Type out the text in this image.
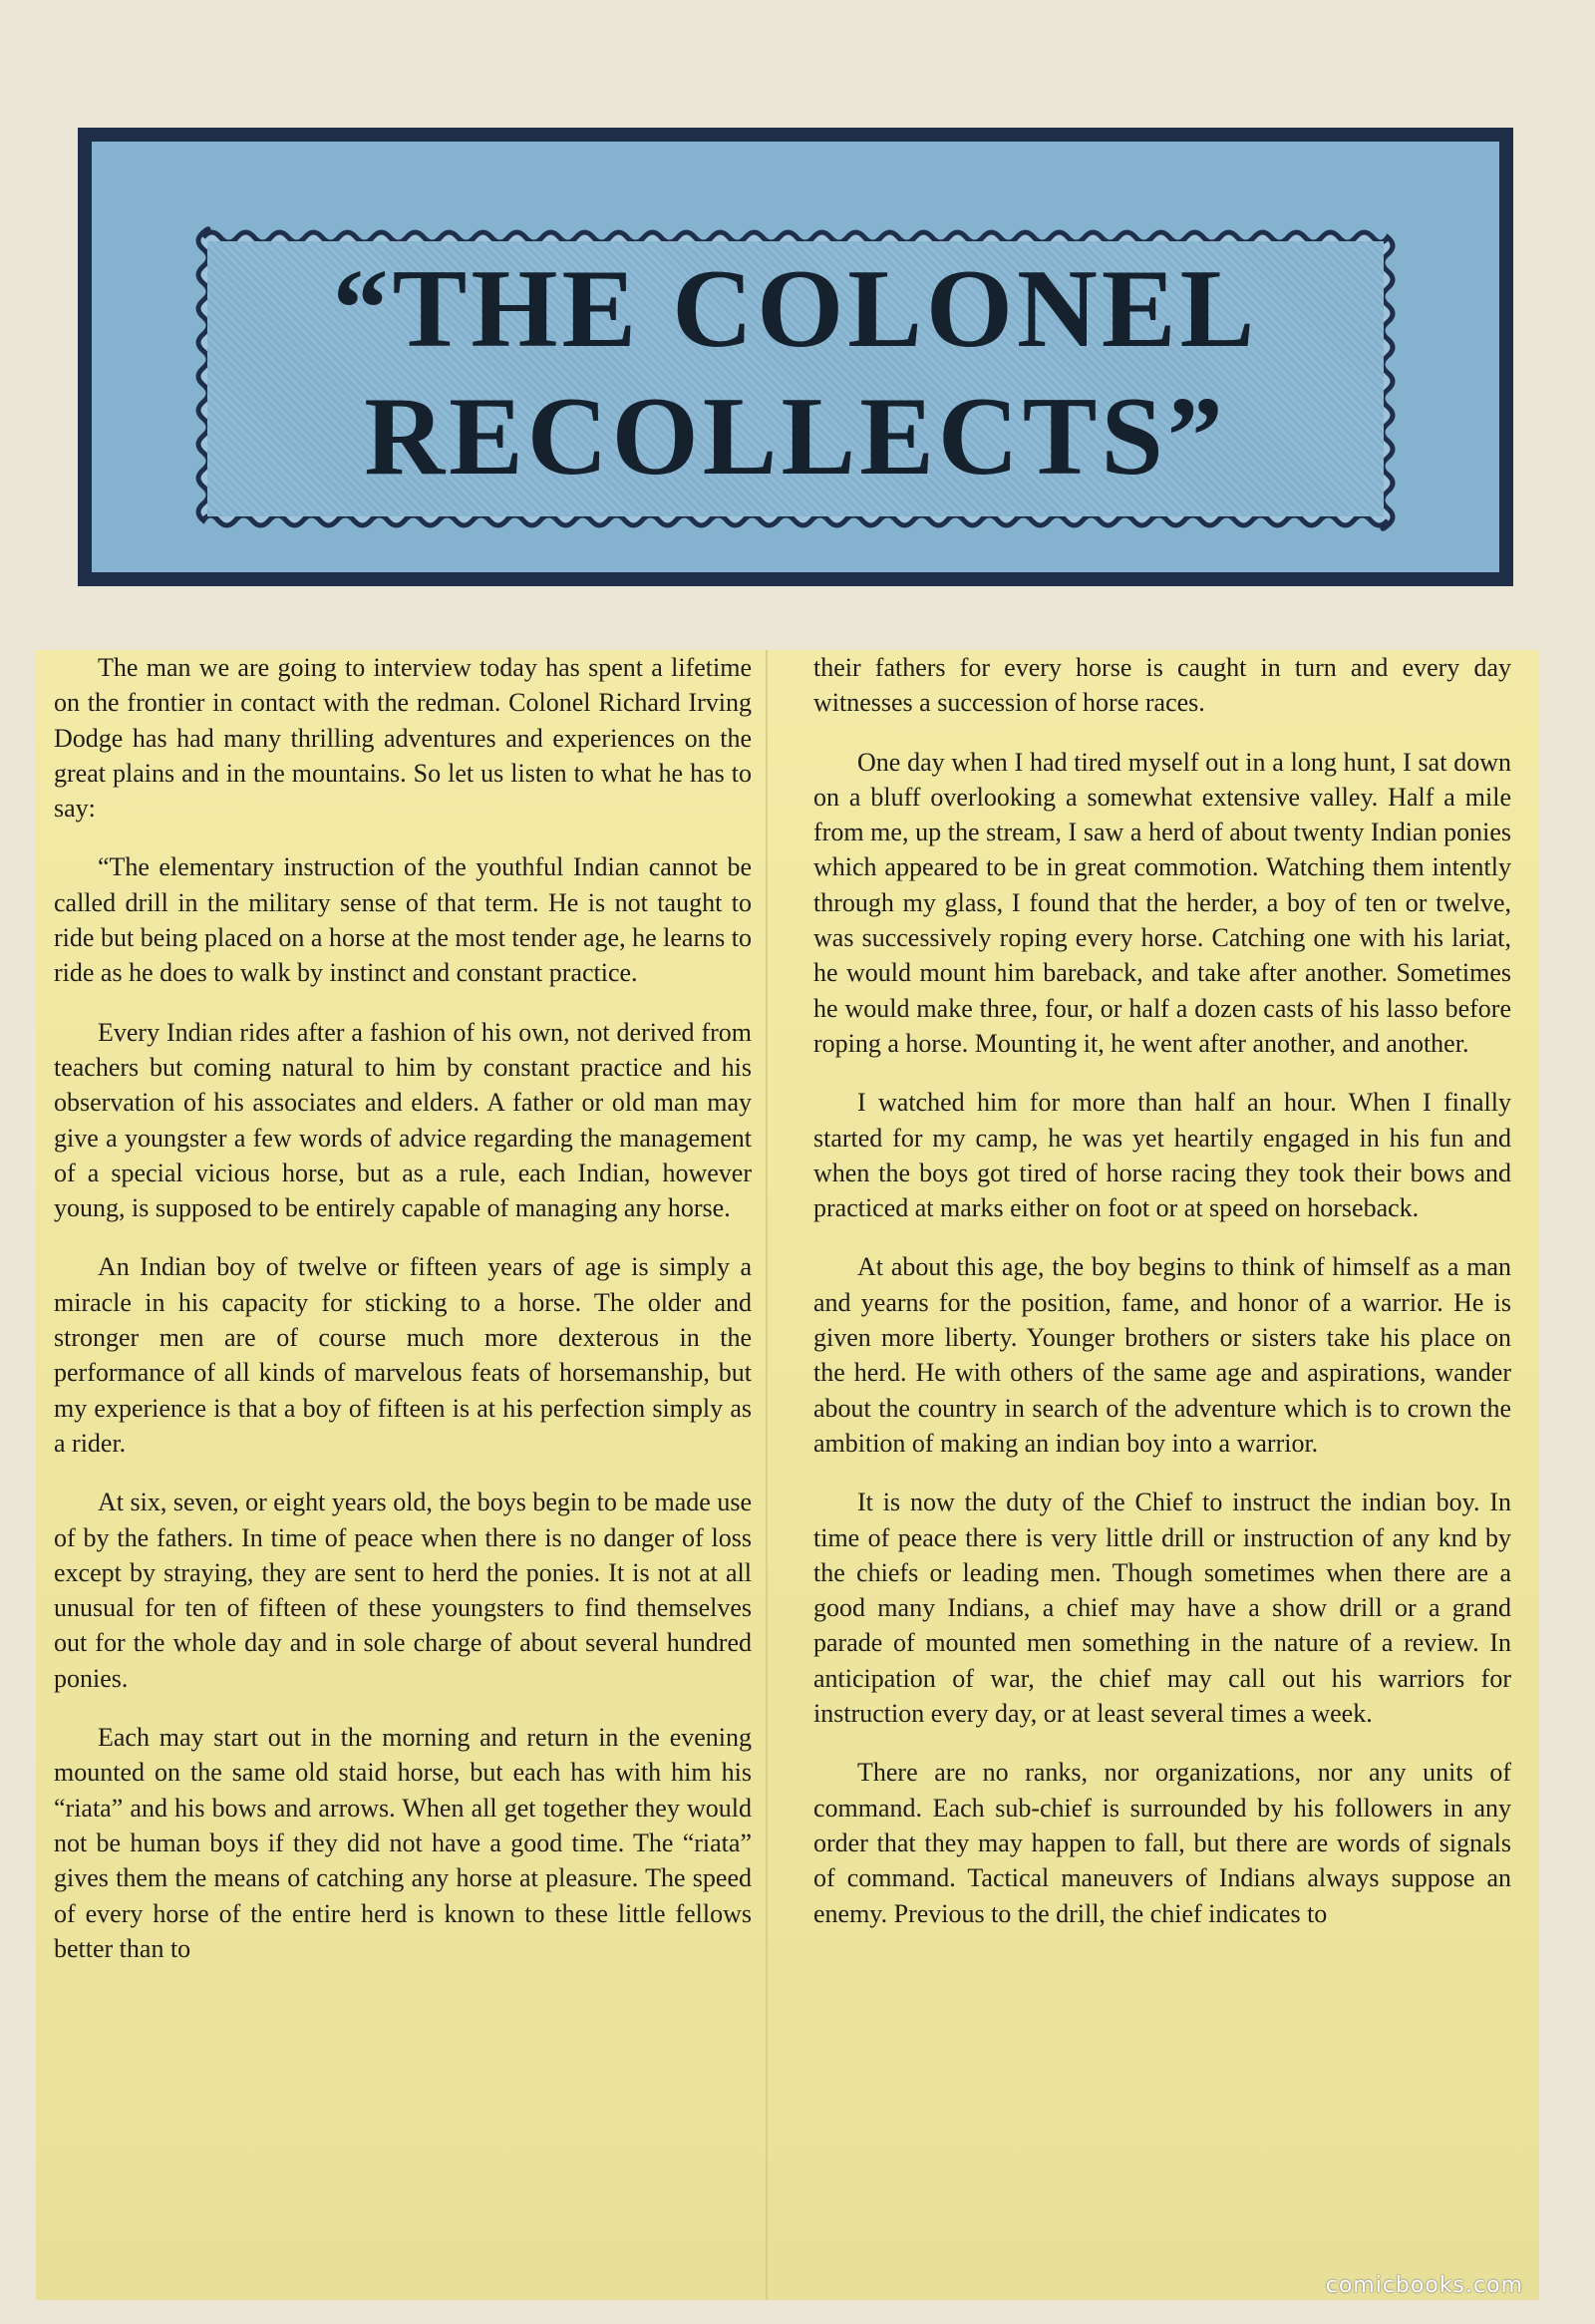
“THE COLONEL
RECOLLECTS”

The man we are going to interview today has spent a lifetime on the frontier in contact with the redman. Colonel Richard Irving Dodge has had many thrilling adventures and experiences on the great plains and in the mountains. So let us listen to what he has to say:

“The elementary instruction of the youthful Indian cannot be called drill in the military sense of that term. He is not taught to ride but being placed on a horse at the most tender age, he learns to ride as he does to walk by instinct and constant practice.

Every Indian rides after a fashion of his own, not derived from teachers but coming natural to him by constant practice and his observation of his associates and elders. A father or old man may give a youngster a few words of advice regarding the management of a special vicious horse, but as a rule, each Indian, however young, is supposed to be entirely capable of managing any horse.

An Indian boy of twelve or fifteen years of age is simply a miracle in his capacity for sticking to a horse. The older and stronger men are of course much more dexterous in the performance of all kinds of marvelous feats of horsemanship, but my experience is that a boy of fifteen is at his perfection simply as a rider.

At six, seven, or eight years old, the boys begin to be made use of by the fathers. In time of peace when there is no danger of loss except by straying, they are sent to herd the ponies. It is not at all unusual for ten of fifteen of these youngsters to find themselves out for the whole day and in sole charge of about several hundred ponies.

Each may start out in the morning and return in the evening mounted on the same old staid horse, but each has with him his “riata” and his bows and arrows. When all get together they would not be human boys if they did not have a good time. The “riata” gives them the means of catching any horse at pleasure. The speed of every horse of the entire herd is known to these little fellows better than to

their fathers for every horse is caught in turn and every day witnesses a succession of horse races.

One day when I had tired myself out in a long hunt, I sat down on a bluff overlooking a somewhat extensive valley. Half a mile from me, up the stream, I saw a herd of about twenty Indian ponies which appeared to be in great commotion. Watching them intently through my glass, I found that the herder, a boy of ten or twelve, was successively roping every horse. Catching one with his lariat, he would mount him bareback, and take after another. Sometimes he would make three, four, or half a dozen casts of his lasso before roping a horse. Mounting it, he went after another, and another.

I watched him for more than half an hour. When I finally started for my camp, he was yet heartily engaged in his fun and when the boys got tired of horse racing they took their bows and practiced at marks either on foot or at speed on horseback.

At about this age, the boy begins to think of himself as a man and yearns for the position, fame, and honor of a warrior. He is given more liberty. Younger brothers or sisters take his place on the herd. He with others of the same age and aspirations, wander about the country in search of the adventure which is to crown the ambition of making an indian boy into a warrior.

It is now the duty of the Chief to instruct the indian boy. In time of peace there is very little drill or instruction of any knd by the chiefs or leading men. Though sometimes when there are a good many Indians, a chief may have a show drill or a grand parade of mounted men something in the nature of a review. In anticipation of war, the chief may call out his warriors for instruction every day, or at least several times a week.

There are no ranks, nor organizations, nor any units of command. Each sub-chief is surrounded by his followers in any order that they may happen to fall, but there are words of signals of command. Tactical maneuvers of Indians always suppose an enemy. Previous to the drill, the chief indicates to

comicbooks.com
